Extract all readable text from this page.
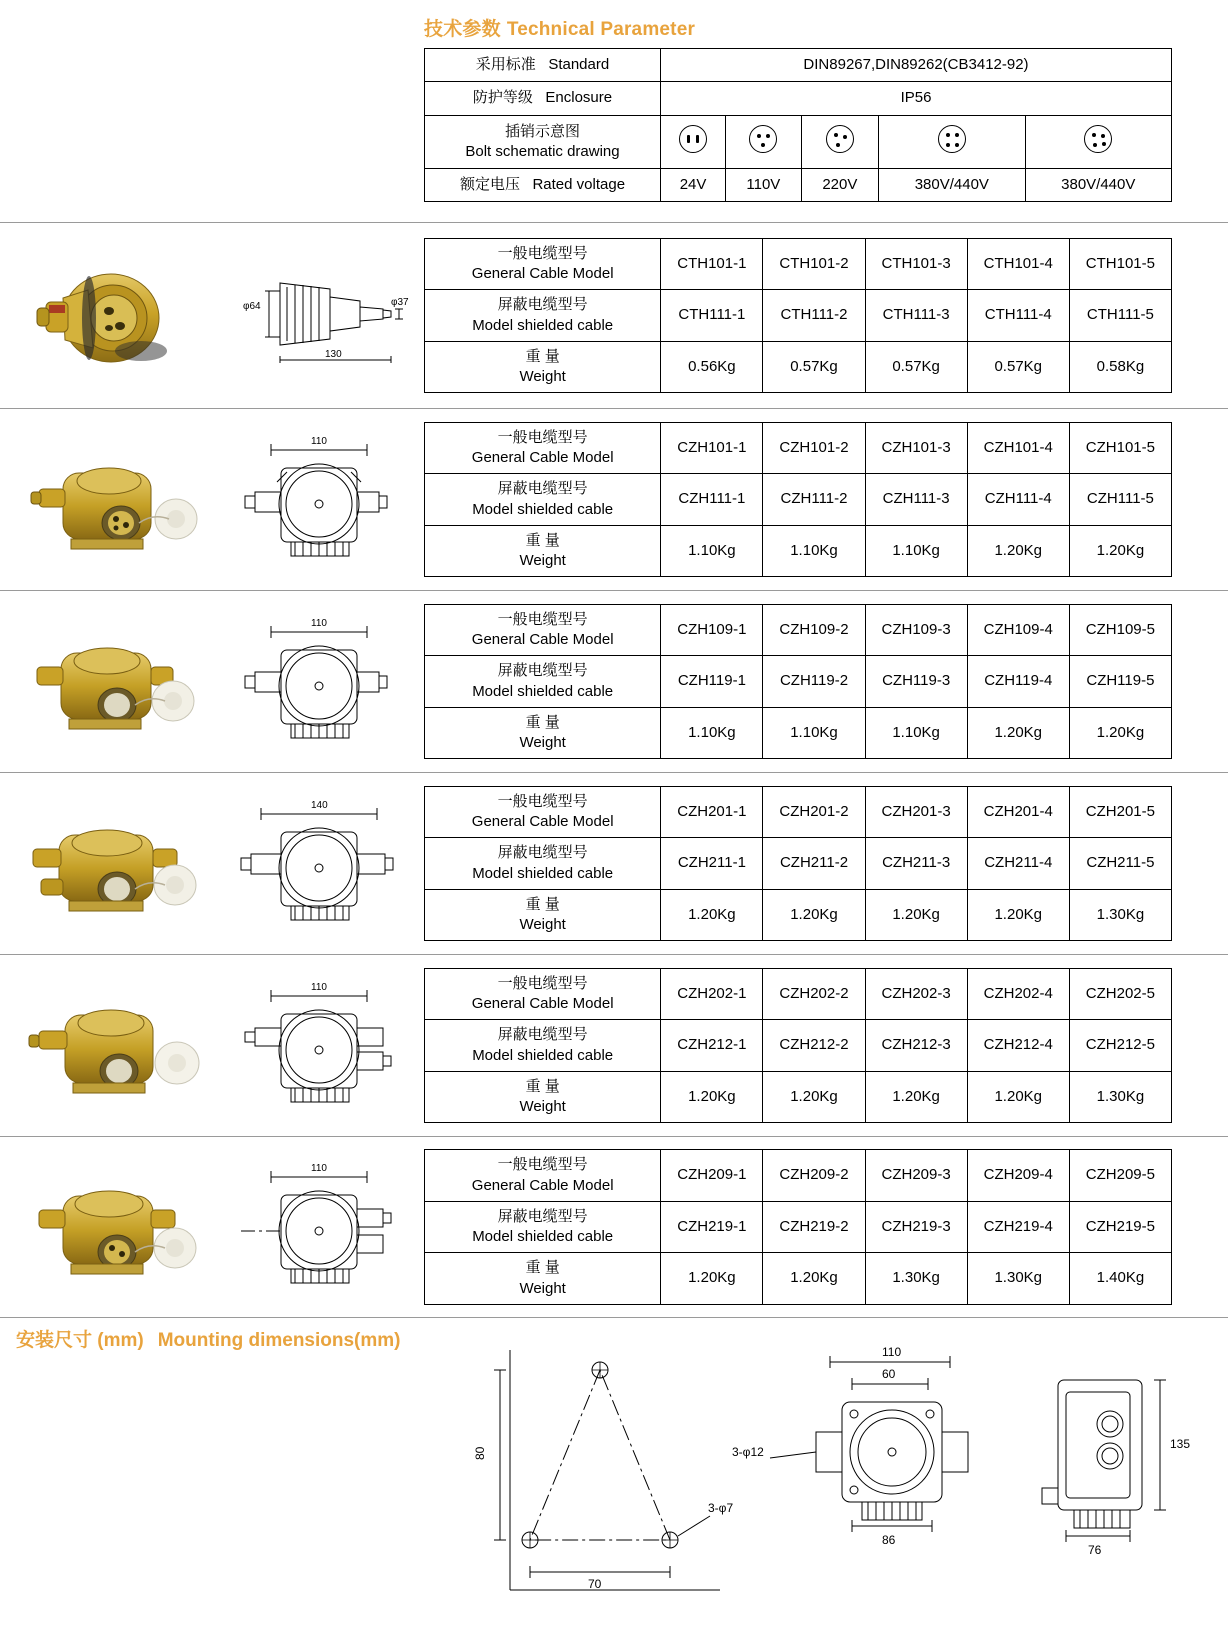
技术参数 Technical Parameter
采用标准 Standard	DIN89267,DIN89262(CB3412-92)				
防护等级 Enclosure	IP56				

插销示意图
Bolt schematic drawing					

额定电压 Rated voltage	24V	110V	220V	380V/440V	380V/440V
φ64	φ37
130
一般电缆型号
General Cable Model	CTH101-1	CTH101-2	CTH101-3	CTH101-4	CTH101-5

屏蔽电缆型号
Model shielded cable	CTH111-1	CTH111-2	CTH111-3	CTH111-4	CTH111-5

重 量
Weight	0.56Kg	0.57Kg	0.57Kg	0.57Kg	0.58Kg
110	一般电缆型号
General Cable Model	CZH101-1	CZH101-2	CZH101-3	CZH101-4	CZH101-5

屏蔽电缆型号
Model shielded cable	CZH111-1	CZH111-2	CZH111-3	CZH111-4	CZH111-5

重 量
Weight	1.10Kg	1.10Kg	1.10Kg	1.20Kg	1.20Kg
110	一般电缆型号
General Cable Model	CZH109-1	CZH109-2	CZH109-3	CZH109-4	CZH109-5

屏蔽电缆型号
Model shielded cable	CZH119-1	CZH119-2	CZH119-3	CZH119-4	CZH119-5

重 量
Weight	1.10Kg	1.10Kg	1.10Kg	1.20Kg	1.20Kg
140	一般电缆型号
General Cable Model	CZH201-1	CZH201-2	CZH201-3	CZH201-4	CZH201-5

屏蔽电缆型号
Model shielded cable	CZH211-1	CZH211-2	CZH211-3	CZH211-4	CZH211-5

重 量
Weight	1.20Kg	1.20Kg	1.20Kg	1.20Kg	1.30Kg
110	一般电缆型号
General Cable Model	CZH202-1	CZH202-2	CZH202-3	CZH202-4	CZH202-5

屏蔽电缆型号
Model shielded cable	CZH212-1	CZH212-2	CZH212-3	CZH212-4	CZH212-5

重 量
Weight	1.20Kg	1.20Kg	1.20Kg	1.20Kg	1.30Kg
110	一般电缆型号
General Cable Model	CZH209-1	CZH209-2	CZH209-3	CZH209-4	CZH209-5

屏蔽电缆型号
Model shielded cable	CZH219-1	CZH219-2	CZH219-3	CZH219-4	CZH219-5

重 量
Weight	1.20Kg	1.20Kg	1.30Kg	1.30Kg	1.40Kg
安装尺寸 (mm) Mounting dimensions(mm)
80
70
3-φ7
110
60
3-φ12
86
135
76
